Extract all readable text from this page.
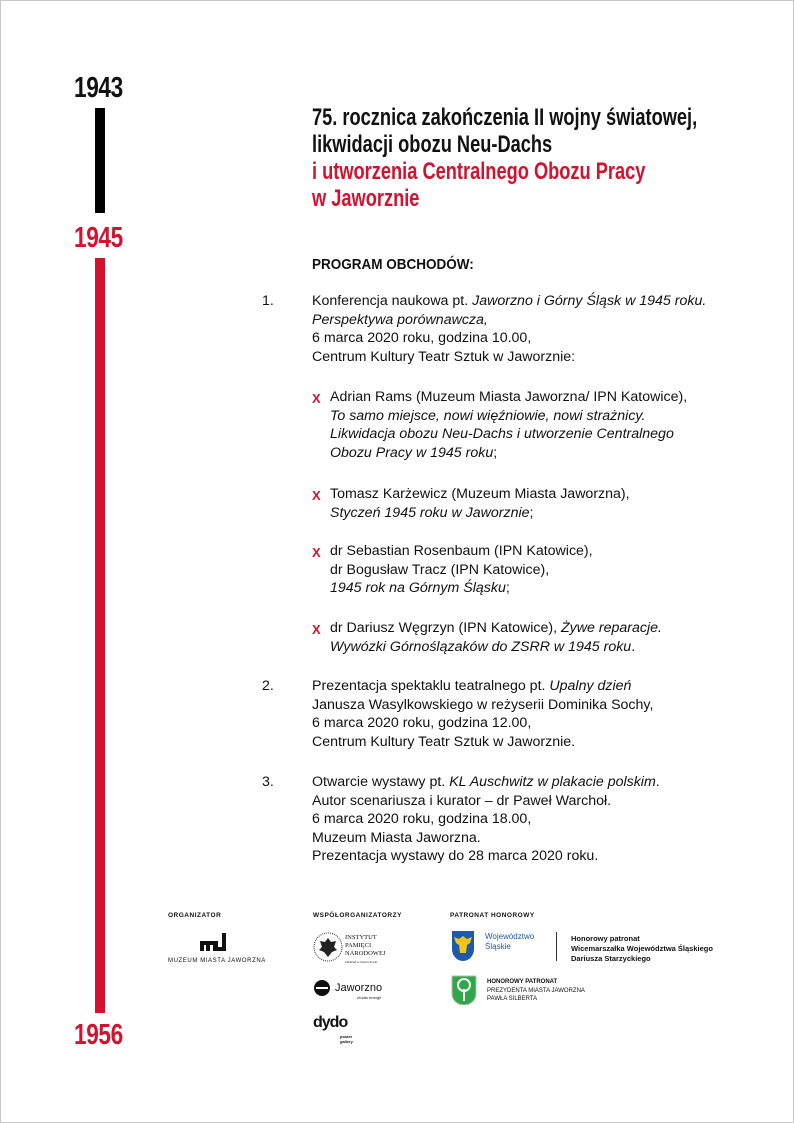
1943
1945
1956
75. rocznica zakończenia II wojny światowej,
likwidacji obozu Neu-Dachs
i utworzenia Centralnego Obozu Pracy
w Jaworznie
PROGRAM OBCHODÓW:
1.	Konferencja naukowa pt. Jaworzno i Górny Śląsk w 1945 roku.
Perspektywa porównawcza,
6 marca 2020 roku, godzina 10.00,
Centrum Kultury Teatr Sztuk w Jaworznie:
X Adrian Rams (Muzeum Miasta Jaworzna/ IPN Katowice),
To samo miejsce, nowi więźniowie, nowi strażnicy.
Likwidacja obozu Neu-Dachs i utworzenie Centralnego
Obozu Pracy w 1945 roku;
X Tomasz Karżewicz (Muzeum Miasta Jaworzna),
Styczeń 1945 roku w Jaworznie;
X dr Sebastian Rosenbaum (IPN Katowice),
dr Bogusław Tracz (IPN Katowice),
1945 rok na Górnym Śląsku;
X dr Dariusz Węgrzyn (IPN Katowice), Żywe reparacje.
Wywózki Górnoślązaków do ZSRR w 1945 roku.
2.	Prezentacja spektaklu teatralnego pt. Upalny dzień
Janusza Wasylkowskiego w reżyserii Dominika Sochy,
6 marca 2020 roku, godzina 12.00,
Centrum Kultury Teatr Sztuk w Jaworznie.
3.	Otwarcie wystawy pt. KL Auschwitz w plakacie polskim.
Autor scenariusza i kurator – dr Paweł Warchoł.
6 marca 2020 roku, godzina 18.00,
Muzeum Miasta Jaworzna.
Prezentacja wystawy do 28 marca 2020 roku.
ORGANIZATOR
MUZEUM MIASTA JAWORZNA
WSPÓŁORGANIZATORZY
INSTYTUT
PAMIĘCI
NARODOWEJ
Oddział w Katowicach
Jaworzno
źródło energii
dydo
poster gallery
PATRONAT HONOROWY
Województwo
Śląskie
Honorowy patronat
Wicemarszałka Województwa Śląskiego
Dariusza Starzyckiego
HONOROWY PATRONAT
PREZYDENTA MIASTA JAWORZNA
PAWŁA SILBERTA
